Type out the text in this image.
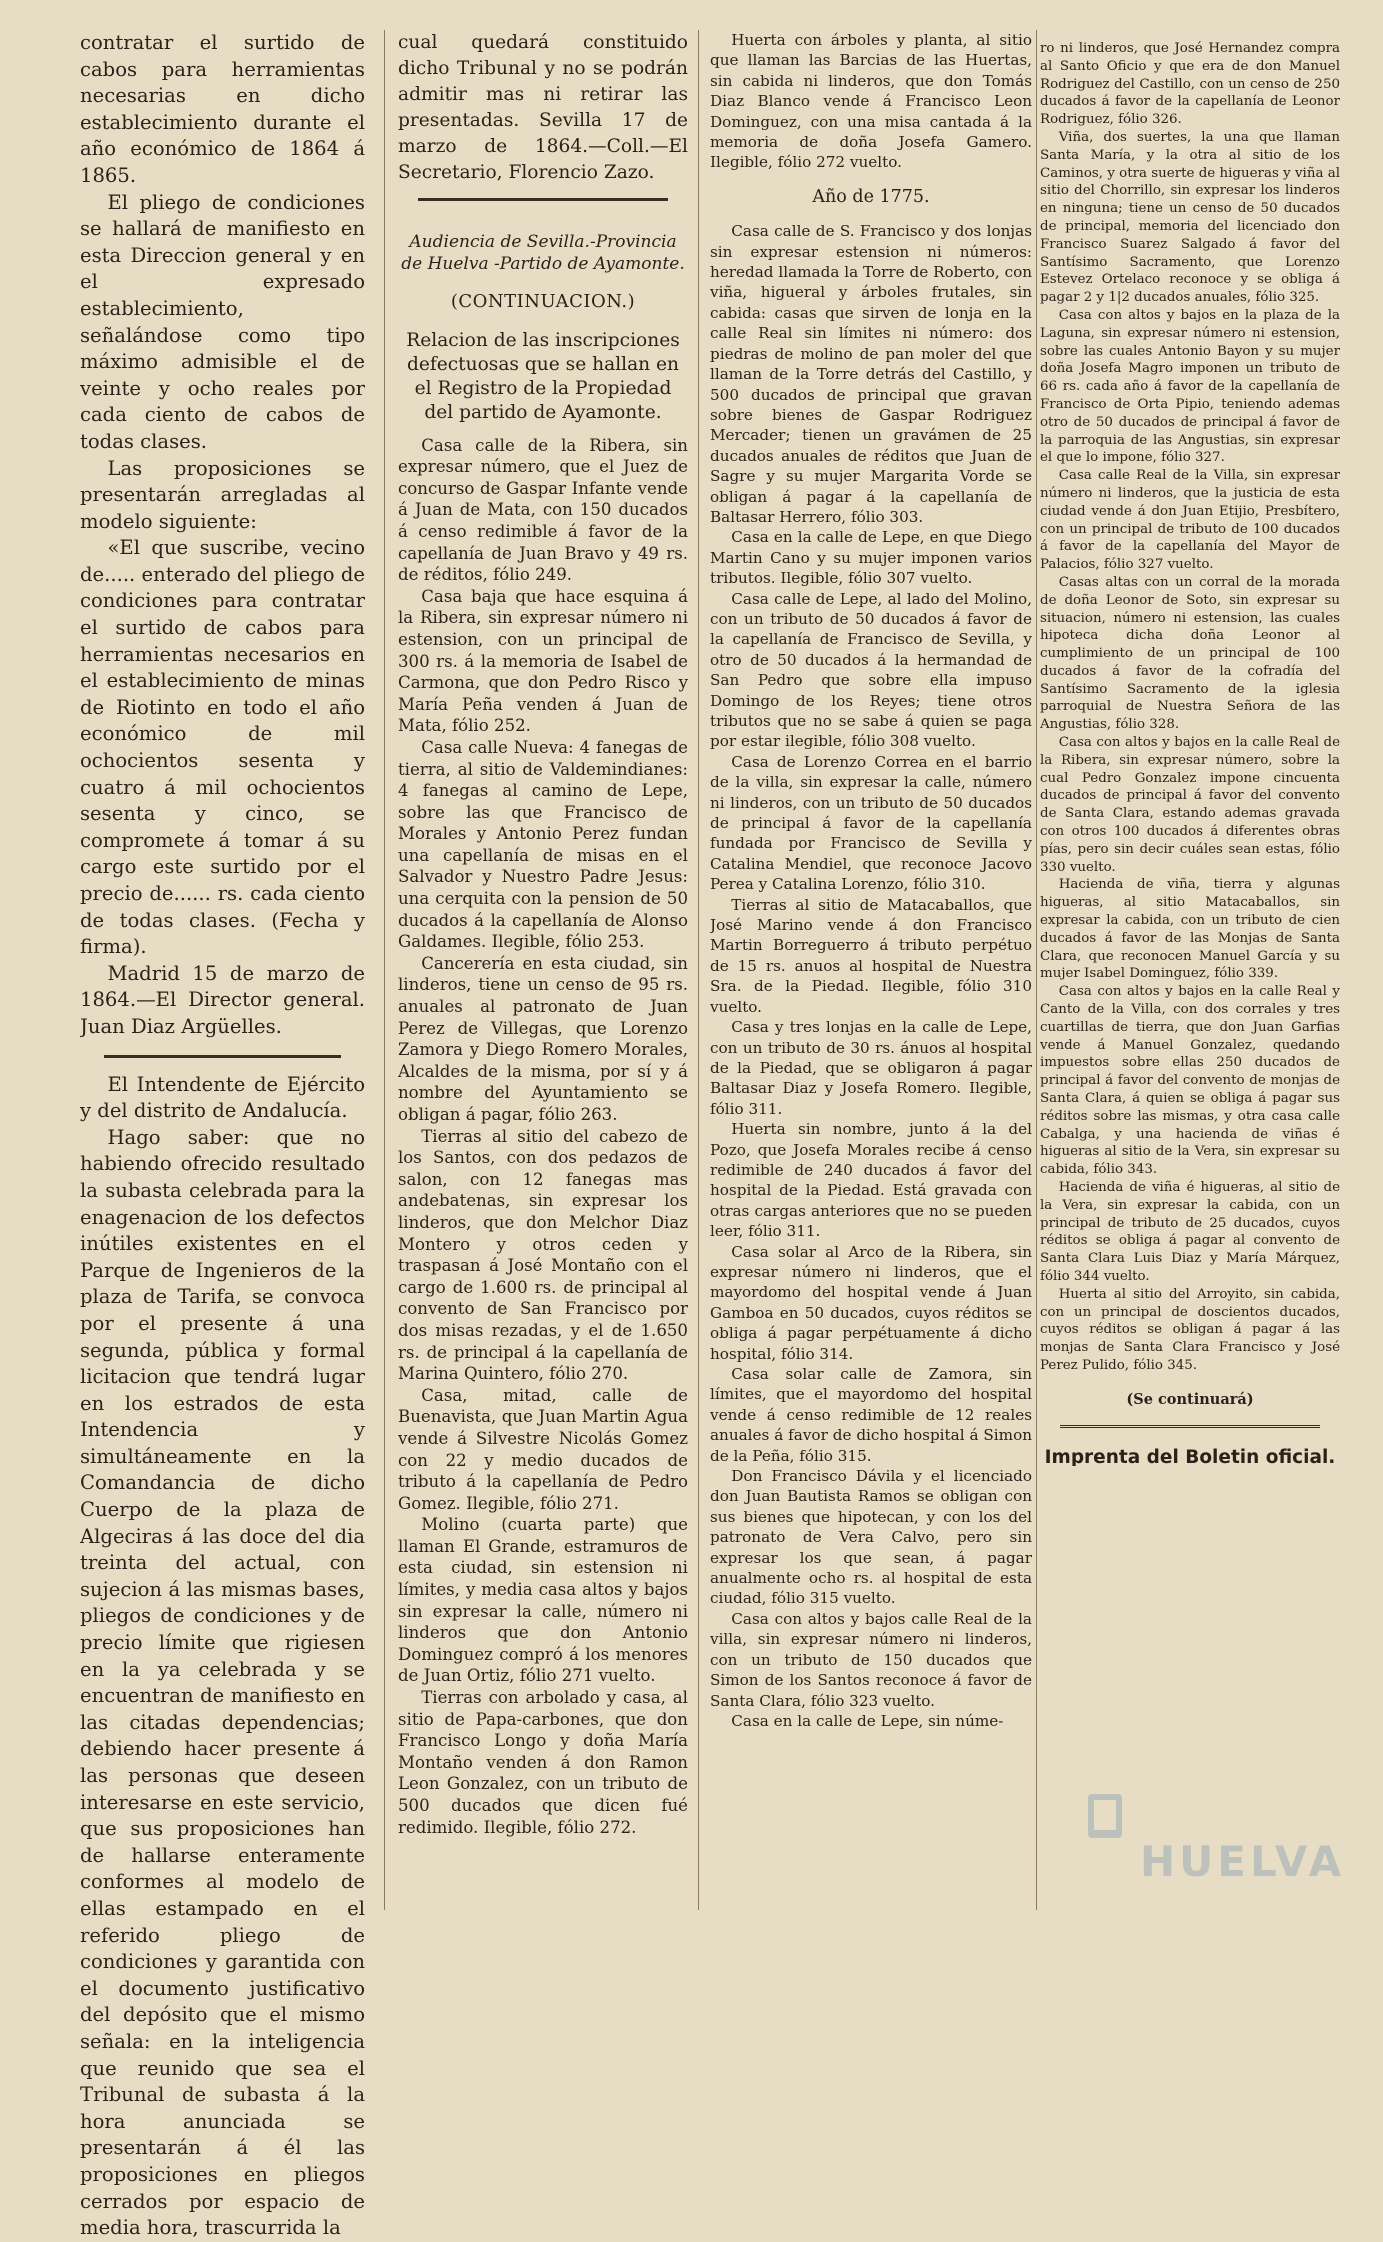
contratar el surtido de cabos para herramientas necesarias en dicho establecimiento durante el año económico de 1864 á 1865.

El pliego de condiciones se hallará de manifiesto en esta Direccion general y en el expresado establecimiento, señalándose como tipo máximo admisible el de veinte y ocho reales por cada ciento de cabos de todas clases.

Las proposiciones se presentarán arregladas al modelo siguiente:

«El que suscribe, vecino de..... enterado del pliego de condiciones para contratar el surtido de cabos para herramientas necesarios en el establecimiento de minas de Riotinto en todo el año económico de mil ochocientos sesenta y cuatro á mil ochocientos sesenta y cinco, se compromete á tomar á su cargo este surtido por el precio de...... rs. cada ciento de todas clases. (Fecha y firma).

Madrid 15 de marzo de 1864.—El Director general. Juan Diaz Argüelles.

El Intendente de Ejército y del distrito de Andalucía.

Hago saber: que no habiendo ofrecido resultado la subasta celebrada para la enagenacion de los defectos inútiles existentes en el Parque de Ingenieros de la plaza de Tarifa, se convoca por el presente á una segunda, pública y formal licitacion que tendrá lugar en los estrados de esta Intendencia y simultáneamente en la Comandancia de dicho Cuerpo de la plaza de Algeciras á las doce del dia treinta del actual, con sujecion á las mismas bases, pliegos de condiciones y de precio límite que rigiesen en la ya celebrada y se encuentran de manifiesto en las citadas dependencias; debiendo hacer presente á las personas que deseen interesarse en este servicio, que sus proposiciones han de hallarse enteramente conformes al modelo de ellas estampado en el referido pliego de condiciones y garantida con el documento justificativo del depósito que el mismo señala: en la inteligencia que reunido que sea el Tribunal de subasta á la hora anunciada se presentarán á él las proposiciones en pliegos cerrados por espacio de media hora, trascurrida la

cual quedará constituido dicho Tribunal y no se podrán admitir mas ni retirar las presentadas. Sevilla 17 de marzo de 1864.—Coll.—El Secretario, Florencio Zazo.

Audiencia de Sevilla.-Provincia de Huelva -Partido de Ayamonte.

(CONTINUACION.)

Relacion de las inscripciones defectuosas que se hallan en el Registro de la Propiedad del partido de Ayamonte.

Casa calle de la Ribera, sin expresar número, que el Juez de concurso de Gaspar Infante vende á Juan de Mata, con 150 ducados á censo redimible á favor de la capellanía de Juan Bravo y 49 rs. de réditos, fólio 249.

Casa baja que hace esquina á la Ribera, sin expresar número ni estension, con un principal de 300 rs. á la memoria de Isabel de Carmona, que don Pedro Risco y María Peña venden á Juan de Mata, fólio 252.

Casa calle Nueva: 4 fanegas de tierra, al sitio de Valdemindianes: 4 fanegas al camino de Lepe, sobre las que Francisco de Morales y Antonio Perez fundan una capellanía de misas en el Salvador y Nuestro Padre Jesus: una cerquita con la pension de 50 ducados á la capellanía de Alonso Galdames. Ilegible, fólio 253.

Cancerería en esta ciudad, sin linderos, tiene un censo de 95 rs. anuales al patronato de Juan Perez de Villegas, que Lorenzo Zamora y Diego Romero Morales, Alcaldes de la misma, por sí y á nombre del Ayuntamiento se obligan á pagar, fólio 263.

Tierras al sitio del cabezo de los Santos, con dos pedazos de salon, con 12 fanegas mas andebatenas, sin expresar los linderos, que don Melchor Diaz Montero y otros ceden y traspasan á José Montaño con el cargo de 1.600 rs. de principal al convento de San Francisco por dos misas rezadas, y el de 1.650 rs. de principal á la capellanía de Marina Quintero, fólio 270.

Casa, mitad, calle de Buenavista, que Juan Martin Agua vende á Silvestre Nicolás Gomez con 22 y medio ducados de tributo á la capellanía de Pedro Gomez. Ilegible, fólio 271.

Molino (cuarta parte) que llaman El Grande, estramuros de esta ciudad, sin estension ni límites, y media casa altos y bajos sin expresar la calle, número ni linderos que don Antonio Dominguez compró á los menores de Juan Ortiz, fólio 271 vuelto.

Tierras con arbolado y casa, al sitio de Papa-carbones, que don Francisco Longo y doña María Montaño venden á don Ramon Leon Gonzalez, con un tributo de 500 ducados que dicen fué redimido. Ilegible, fólio 272.

Huerta con árboles y planta, al sitio que llaman las Barcias de las Huertas, sin cabida ni linderos, que don Tomás Diaz Blanco vende á Francisco Leon Dominguez, con una misa cantada á la memoria de doña Josefa Gamero. Ilegible, fólio 272 vuelto.

Año de 1775.

Casa calle de S. Francisco y dos lonjas sin expresar estension ni números: heredad llamada la Torre de Roberto, con viña, higueral y árboles frutales, sin cabida: casas que sirven de lonja en la calle Real sin límites ni número: dos piedras de molino de pan moler del que llaman de la Torre detrás del Castillo, y 500 ducados de principal que gravan sobre bienes de Gaspar Rodriguez Mercader; tienen un gravámen de 25 ducados anuales de réditos que Juan de Sagre y su mujer Margarita Vorde se obligan á pagar á la capellanía de Baltasar Herrero, fólio 303.

Casa en la calle de Lepe, en que Diego Martin Cano y su mujer imponen varios tributos. Ilegible, fólio 307 vuelto.

Casa calle de Lepe, al lado del Molino, con un tributo de 50 ducados á favor de la capellanía de Francisco de Sevilla, y otro de 50 ducados á la hermandad de San Pedro que sobre ella impuso Domingo de los Reyes; tiene otros tributos que no se sabe á quien se paga por estar ilegible, fólio 308 vuelto.

Casa de Lorenzo Correa en el barrio de la villa, sin expresar la calle, número ni linderos, con un tributo de 50 ducados de principal á favor de la capellanía fundada por Francisco de Sevilla y Catalina Mendiel, que reconoce Jacovo Perea y Catalina Lorenzo, fólio 310.

Tierras al sitio de Matacaballos, que José Marino vende á don Francisco Martin Borreguerro á tributo perpétuo de 15 rs. anuos al hospital de Nuestra Sra. de la Piedad. Ilegible, fólio 310 vuelto.

Casa y tres lonjas en la calle de Lepe, con un tributo de 30 rs. ánuos al hospital de la Piedad, que se obligaron á pagar Baltasar Diaz y Josefa Romero. Ilegible, fólio 311.

Huerta sin nombre, junto á la del Pozo, que Josefa Morales recibe á censo redimible de 240 ducados á favor del hospital de la Piedad. Está gravada con otras cargas anteriores que no se pueden leer, fólio 311.

Casa solar al Arco de la Ribera, sin expresar número ni linderos, que el mayordomo del hospital vende á Juan Gamboa en 50 ducados, cuyos réditos se obliga á pagar perpétuamente á dicho hospital, fólio 314.

Casa solar calle de Zamora, sin límites, que el mayordomo del hospital vende á censo redimible de 12 reales anuales á favor de dicho hospital á Simon de la Peña, fólio 315.

Don Francisco Dávila y el licenciado don Juan Bautista Ramos se obligan con sus bienes que hipotecan, y con los del patronato de Vera Calvo, pero sin expresar los que sean, á pagar anualmente ocho rs. al hospital de esta ciudad, fólio 315 vuelto.

Casa con altos y bajos calle Real de la villa, sin expresar número ni linderos, con un tributo de 150 ducados que Simon de los Santos reconoce á favor de Santa Clara, fólio 323 vuelto.

Casa en la calle de Lepe, sin núme-

ro ni linderos, que José Hernandez compra al Santo Oficio y que era de don Manuel Rodriguez del Castillo, con un censo de 250 ducados á favor de la capellanía de Leonor Rodriguez, fólio 326.

Viña, dos suertes, la una que llaman Santa María, y la otra al sitio de los Caminos, y otra suerte de higueras y viña al sitio del Chorrillo, sin expresar los linderos en ninguna; tiene un censo de 50 ducados de principal, memoria del licenciado don Francisco Suarez Salgado á favor del Santísimo Sacramento, que Lorenzo Estevez Ortelaco reconoce y se obliga á pagar 2 y 1|2 ducados anuales, fólio 325.

Casa con altos y bajos en la plaza de la Laguna, sin expresar número ni estension, sobre las cuales Antonio Bayon y su mujer doña Josefa Magro imponen un tributo de 66 rs. cada año á favor de la capellanía de Francisco de Orta Pipio, teniendo ademas otro de 50 ducados de principal á favor de la parroquia de las Angustias, sin expresar el que lo impone, fólio 327.

Casa calle Real de la Villa, sin expresar número ni linderos, que la justicia de esta ciudad vende á don Juan Etijio, Presbítero, con un principal de tributo de 100 ducados á favor de la capellanía del Mayor de Palacios, fólio 327 vuelto.

Casas altas con un corral de la morada de doña Leonor de Soto, sin expresar su situacion, número ni estension, las cuales hipoteca dicha doña Leonor al cumplimiento de un principal de 100 ducados á favor de la cofradía del Santísimo Sacramento de la iglesia parroquial de Nuestra Señora de las Angustias, fólio 328.

Casa con altos y bajos en la calle Real de la Ribera, sin expresar número, sobre la cual Pedro Gonzalez impone cincuenta ducados de principal á favor del convento de Santa Clara, estando ademas gravada con otros 100 ducados á diferentes obras pías, pero sin decir cuáles sean estas, fólio 330 vuelto.

Hacienda de viña, tierra y algunas higueras, al sitio Matacaballos, sin expresar la cabida, con un tributo de cien ducados á favor de las Monjas de Santa Clara, que reconocen Manuel García y su mujer Isabel Dominguez, fólio 339.

Casa con altos y bajos en la calle Real y Canto de la Villa, con dos corrales y tres cuartillas de tierra, que don Juan Garfias vende á Manuel Gonzalez, quedando impuestos sobre ellas 250 ducados de principal á favor del convento de monjas de Santa Clara, á quien se obliga á pagar sus réditos sobre las mismas, y otra casa calle Cabalga, y una hacienda de viñas é higueras al sitio de la Vera, sin expresar su cabida, fólio 343.

Hacienda de viña é higueras, al sitio de la Vera, sin expresar la cabida, con un principal de tributo de 25 ducados, cuyos réditos se obliga á pagar al convento de Santa Clara Luis Diaz y María Márquez, fólio 344 vuelto.

Huerta al sitio del Arroyito, sin cabida, con un principal de doscientos ducados, cuyos réditos se obligan á pagar á las monjas de Santa Clara Francisco y José Perez Pulido, fólio 345.

(Se continuará)

Imprenta del Boletin oficial.

HUELVA
